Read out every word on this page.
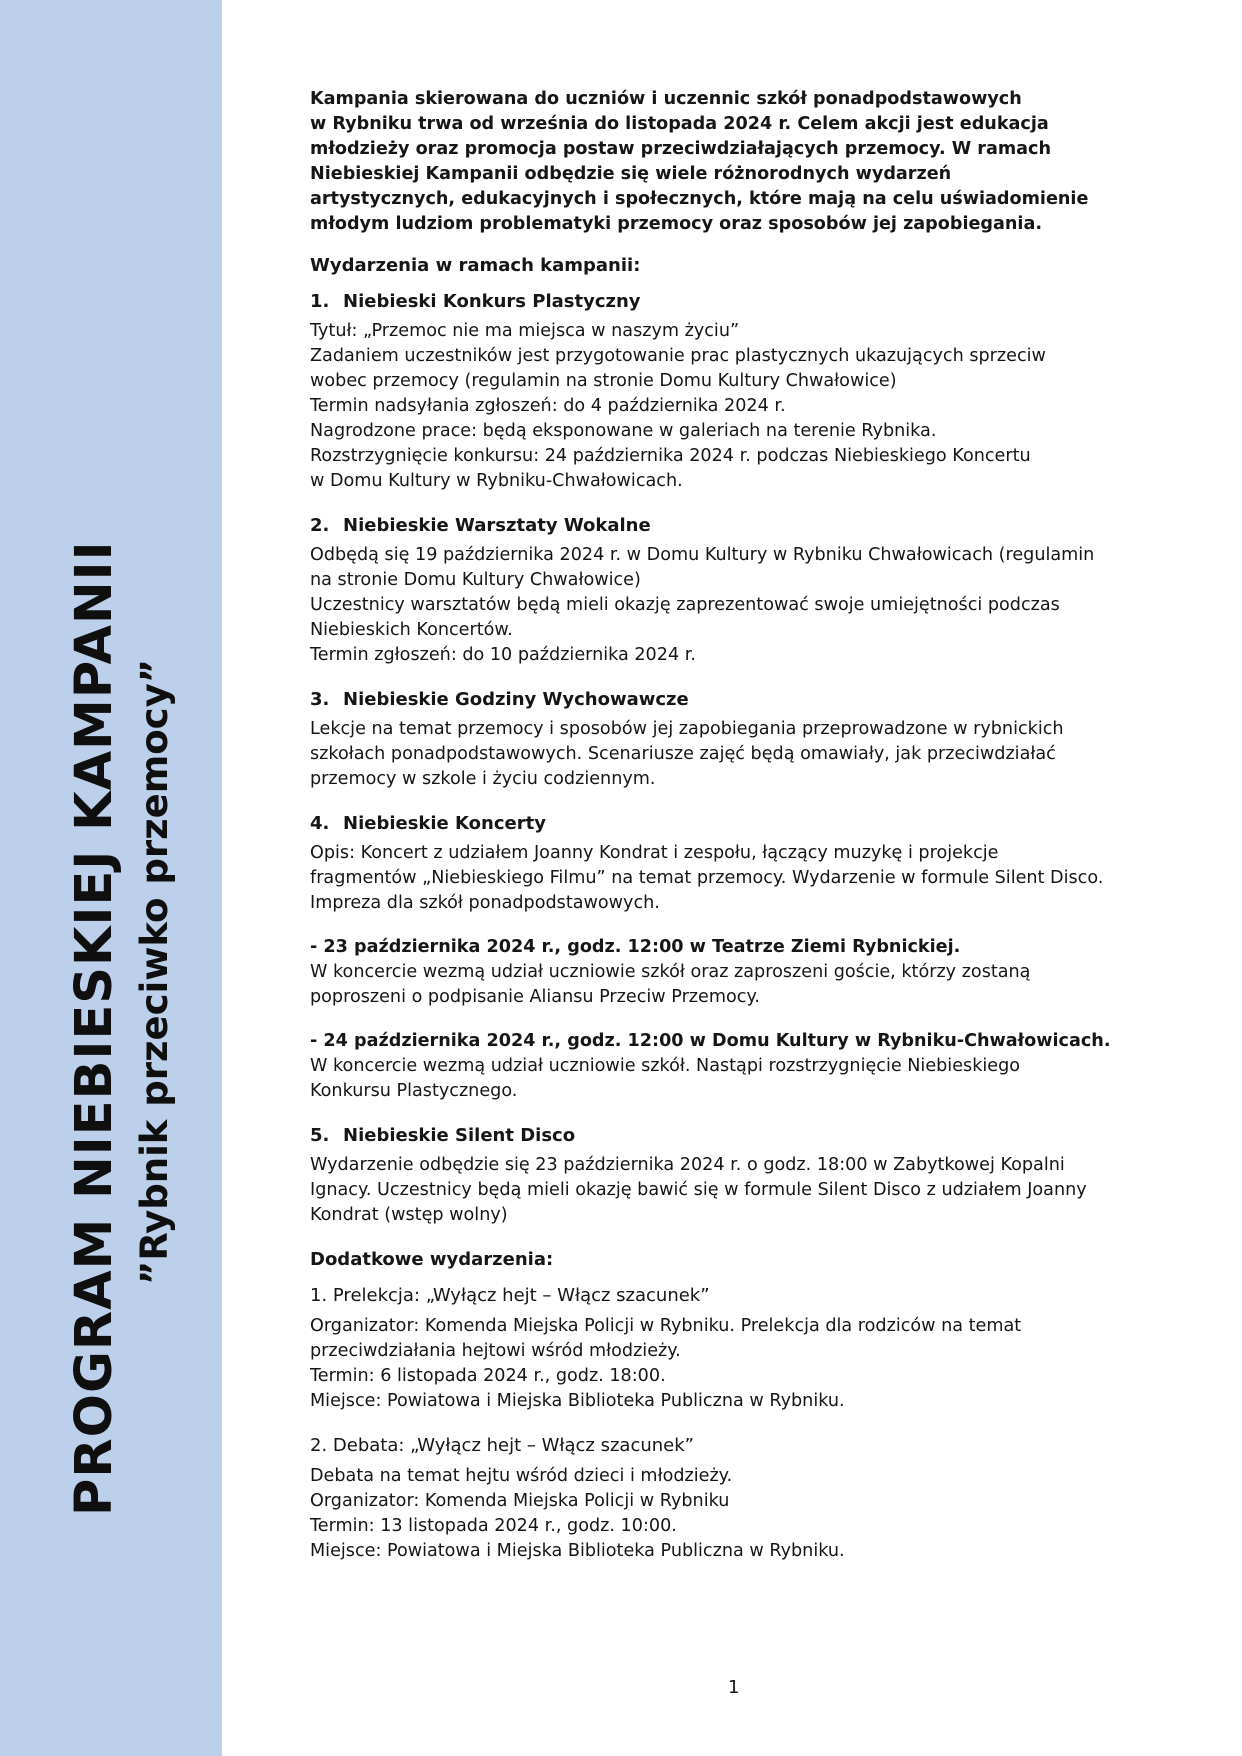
PROGRAM NIEBIESKIEJ KAMPANII ”Rybnik przeciwko przemocy”

Kampania skierowana do uczniów i uczennic szkół ponadpodstawowych
w Rybniku trwa od września do listopada 2024 r. Celem akcji jest edukacja
młodzieży oraz promocja postaw przeciwdziałających przemocy. W ramach
Niebieskiej Kampanii odbędzie się wiele różnorodnych wydarzeń
artystycznych, edukacyjnych i społecznych, które mają na celu uświadomienie
młodym ludziom problematyki przemocy oraz sposobów jej zapobiegania.

Wydarzenia w ramach kampanii:

1. Niebieski Konkurs Plastyczny

Tytuł: „Przemoc nie ma miejsca w naszym życiu”
Zadaniem uczestników jest przygotowanie prac plastycznych ukazujących sprzeciw
wobec przemocy (regulamin na stronie Domu Kultury Chwałowice)
Termin nadsyłania zgłoszeń: do 4 października 2024 r.
Nagrodzone prace: będą eksponowane w galeriach na terenie Rybnika.
Rozstrzygnięcie konkursu: 24 października 2024 r. podczas Niebieskiego Koncertu
w Domu Kultury w Rybniku-Chwałowicach.

2. Niebieskie Warsztaty Wokalne

Odbędą się 19 października 2024 r. w Domu Kultury w Rybniku Chwałowicach (regulamin
na stronie Domu Kultury Chwałowice)
Uczestnicy warsztatów będą mieli okazję zaprezentować swoje umiejętności podczas
Niebieskich Koncertów.
Termin zgłoszeń: do 10 października 2024 r.

3. Niebieskie Godziny Wychowawcze

Lekcje na temat przemocy i sposobów jej zapobiegania przeprowadzone w rybnickich
szkołach ponadpodstawowych. Scenariusze zajęć będą omawiały, jak przeciwdziałać
przemocy w szkole i życiu codziennym.

4. Niebieskie Koncerty

Opis: Koncert z udziałem Joanny Kondrat i zespołu, łączący muzykę i projekcje
fragmentów „Niebieskiego Filmu” na temat przemocy. Wydarzenie w formule Silent Disco.
Impreza dla szkół ponadpodstawowych.
- 23 października 2024 r., godz. 12:00 w Teatrze Ziemi Rybnickiej.
W koncercie wezmą udział uczniowie szkół oraz zaproszeni goście, którzy zostaną
poproszeni o podpisanie Aliansu Przeciw Przemocy.
- 24 października 2024 r., godz. 12:00 w Domu Kultury w Rybniku-Chwałowicach.
W koncercie wezmą udział uczniowie szkół. Nastąpi rozstrzygnięcie Niebieskiego
Konkursu Plastycznego.

5. Niebieskie Silent Disco

Wydarzenie odbędzie się 23 października 2024 r. o godz. 18:00 w Zabytkowej Kopalni
Ignacy. Uczestnicy będą mieli okazję bawić się w formule Silent Disco z udziałem Joanny
Kondrat (wstęp wolny)

Dodatkowe wydarzenia:

1. Prelekcja: „Wyłącz hejt – Włącz szacunek”

Organizator: Komenda Miejska Policji w Rybniku. Prelekcja dla rodziców na temat
przeciwdziałania hejtowi wśród młodzieży.
Termin: 6 listopada 2024 r., godz. 18:00.
Miejsce: Powiatowa i Miejska Biblioteka Publiczna w Rybniku.

2. Debata: „Wyłącz hejt – Włącz szacunek”

Debata na temat hejtu wśród dzieci i młodzieży.
Organizator: Komenda Miejska Policji w Rybniku
Termin: 13 listopada 2024 r., godz. 10:00.
Miejsce: Powiatowa i Miejska Biblioteka Publiczna w Rybniku.
1
